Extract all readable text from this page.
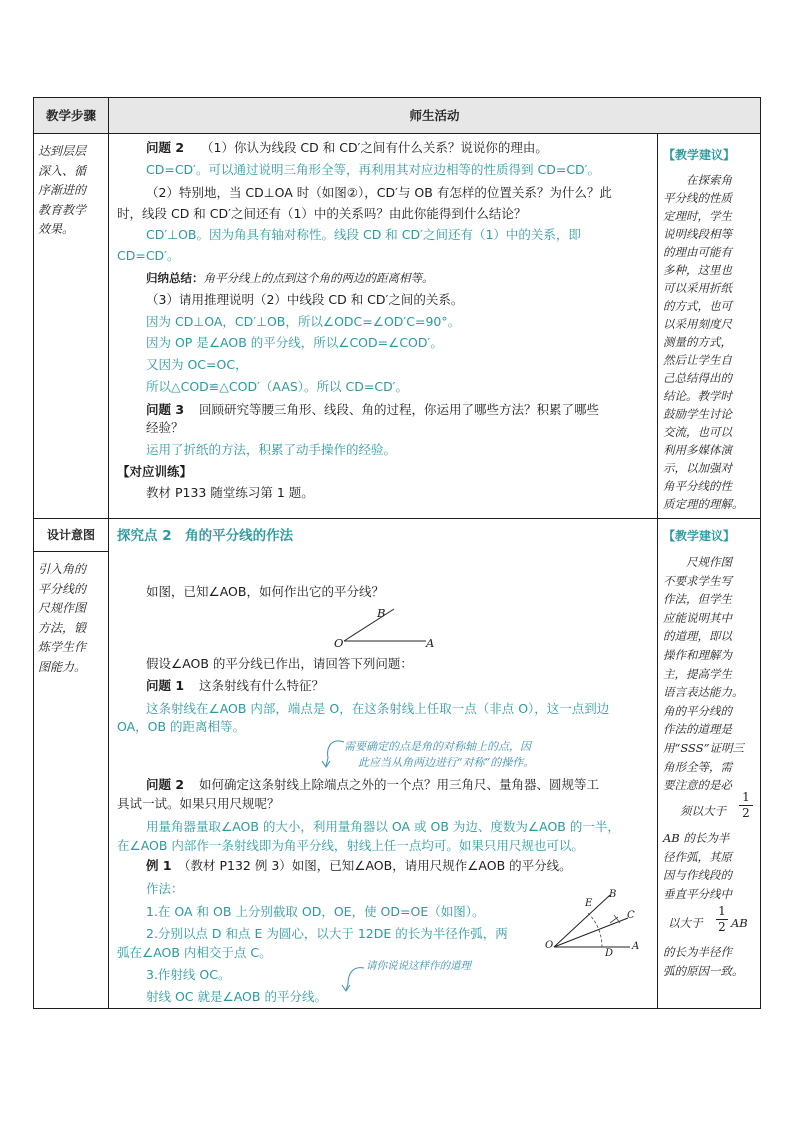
教学步骤	师生活动
达到层层
深入、循
序渐进的
教育教学
效果。
设计意图
引入角的
平分线的
尺规作图
方法，锻
炼学生作
图能力。
【教学建议】
　　在探索角
平分线的性质
定理时，学生
说明线段相等
的理由可能有
多种，这里也
可以采用折纸
的方式，也可
以采用刻度尺
测量的方式，
然后让学生自
己总结得出的
结论。教学时
鼓励学生讨论
交流，也可以
利用多媒体演
示，以加强对
角平分线的性
质定理的理解。
【教学建议】
　　尺规作图
不要求学生写
作法，但学生
应能说明其中
的道理，即以
操作和理解为
主，提高学生
语言表达能力。
角的平分线的
作法的道理是
用“SSS”证明三
角形全等，需
要注意的是必
须以大于 $\frac{1}{2}$
AB 的长为半
径作弧，其原
因与作线段的
垂直平分线中
以大于 $\frac{1}{2}$ AB
的长为半径作
弧的原因一致。
问题 2 （1）你认为线段 CD 和 CD′之间有什么关系？说说你的理由。
CD=CD′。可以通过说明三角形全等，再利用其对应边相等的性质得到 CD=CD′。
（2）特别地，当 CD⊥OA 时（如图②），CD′与 OB 有怎样的位置关系？为什么？此
时，线段 CD 和 CD′之间还有（1）中的关系吗？由此你能得到什么结论？
CD′⊥OB。因为角具有轴对称性。线段 CD 和 CD′之间还有（1）中的关系，即
CD=CD′。
归纳总结：角平分线上的点到这个角的两边的距离相等。
（3）请用推理说明（2）中线段 CD 和 CD′之间的关系。
因为 CD⊥OA，CD′⊥OB，所以∠ODC=∠OD′C=90°。
因为 OP 是∠AOB 的平分线，所以∠COD=∠COD′。
又因为 OC=OC，
所以△COD≌△COD′（AAS）。所以 CD=CD′。
问题 3 回顾研究等腰三角形、线段、角的过程，你运用了哪些方法？积累了哪些
经验？
运用了折纸的方法，积累了动手操作的经验。
【对应训练】
教材 P133 随堂练习第 1 题。
探究点 2　角的平分线的作法
如图，已知∠AOB，如何作出它的平分线？
B
O	A
假设∠AOB 的平分线已作出，请回答下列问题：
问题 1 这条射线有什么特征？
这条射线在∠AOB 内部，端点是 O，在这条射线上任取一点（非点 O），这一点到边
OA，OB 的距离相等。
需要确定的点是角的对称轴上的点，因
此应当从角两边进行“对称”的操作。
问题 2 如何确定这条射线上除端点之外的一个点？用三角尺、量角器、圆规等工
具试一试。如果只用尺规呢？
用量角器量取∠AOB 的大小，利用量角器以 OA 或 OB 为边、度数为∠AOB 的一半，
在∠AOB 内部作一条射线即为角平分线，射线上任一点均可。如果只用尺规也可以。
例 1 （教材 P132 例 3）如图，已知∠AOB，请用尺规作∠AOB 的平分线。
作法：
1.在 OA 和 OB 上分别截取 OD，OE，使 OD=OE（如图）。
2.分别以点 D 和点 E 为圆心，以大于 12DE 的长为半径作弧，两
弧在∠AOB 内相交于点 C。
3.作射线 OC。
请你说说这样作的道理
射线 OC 就是∠AOB 的平分线。
B
E
C
O
D
A
